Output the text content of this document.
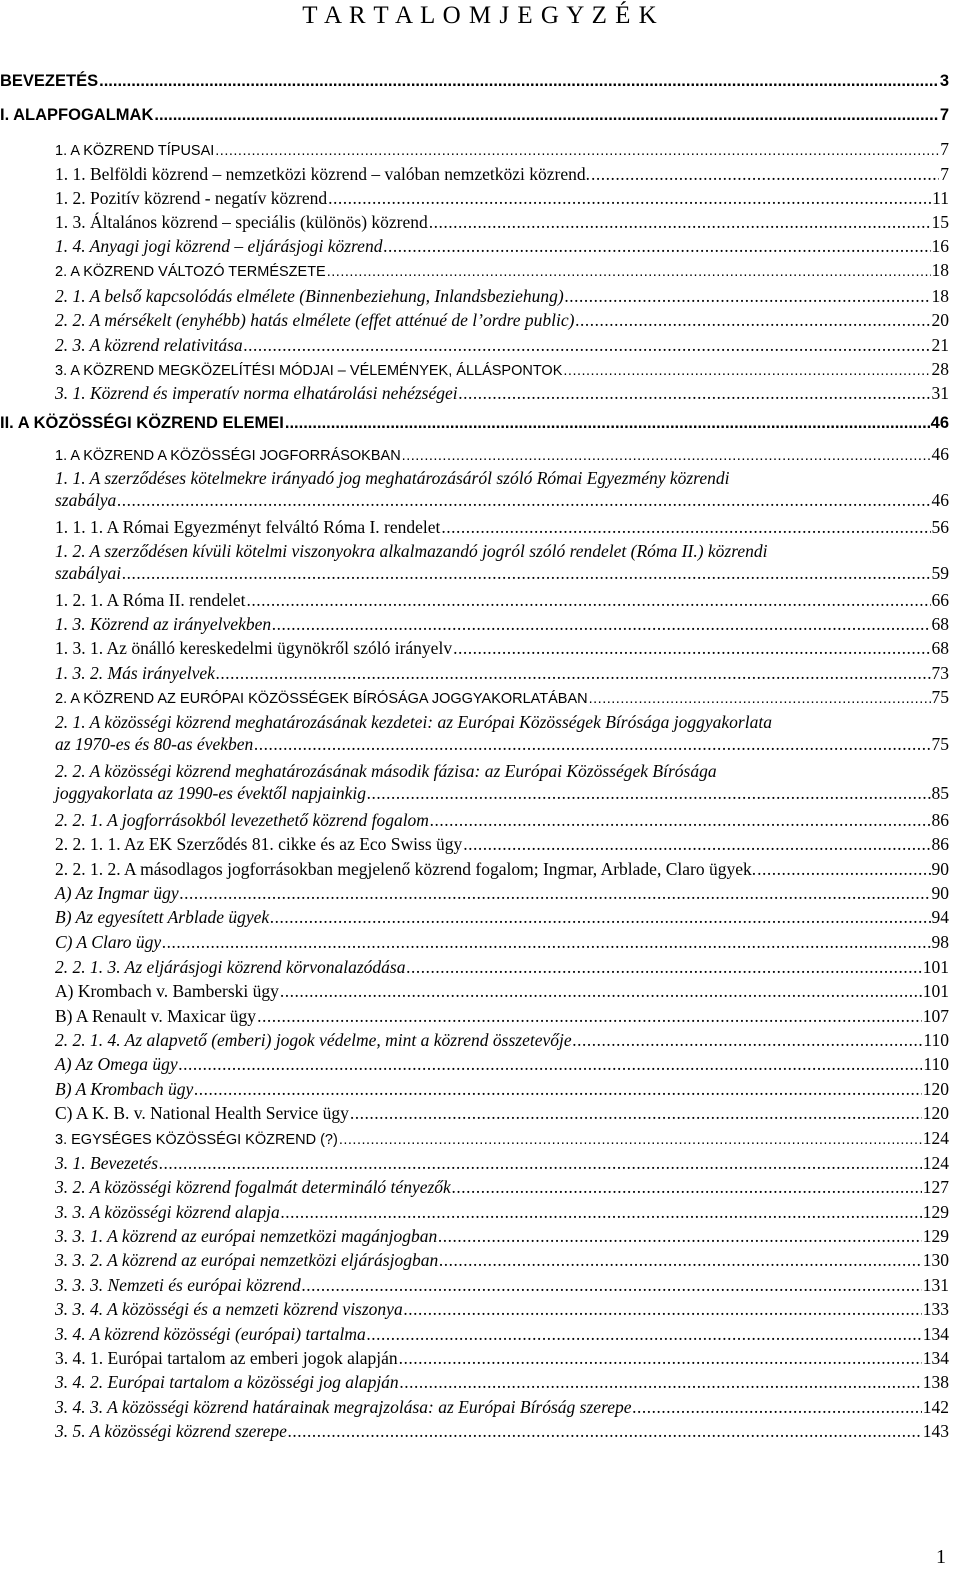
T A R T A L O M J E G Y Z É K
BEVEZETÉS .....	3
I. ALAPFOGALMAK .....	7
1. A KÖZREND TÍPUSAI .....	7
1. 1. Belföldi közrend – nemzetközi közrend – valóban nemzetközi közrend. .....	7
1. 2. Pozitív közrend - negatív közrend .....	11
1. 3. Általános közrend – speciális (különös) közrend .....	15
1. 4. Anyagi jogi közrend – eljárásjogi közrend .....	16
2. A KÖZREND VÁLTOZÓ TERMÉSZETE .....	18
2. 1. A belső kapcsolódás elmélete (Binnenbeziehung, Inlandsbeziehung) .....	18
2. 2. A mérsékelt (enyhébb) hatás elmélete (effet atténué de l’ordre public) .....	20
2. 3. A közrend relativitása .....	21
3. A KÖZREND MEGKÖZELÍTÉSI MÓDJAI – VÉLEMÉNYEK, ÁLLÁSPONTOK .....	28
3. 1. Közrend és imperatív norma elhatárolási nehézségei .....	31
II. A KÖZÖSSÉGI KÖZREND ELEMEI .....	46
1. A KÖZREND A KÖZÖSSÉGI JOGFORRÁSOKBAN .....	46
1. 1. A szerződéses kötelmekre irányadó jog meghatározásáról szóló Római Egyezmény közrendi
szabálya .....	46
1. 1. 1. A Római Egyezményt felváltó Róma I. rendelet .....	56
1. 2. A szerződésen kívüli kötelmi viszonyokra alkalmazandó jogról szóló rendelet (Róma II.) közrendi
szabályai .....	59
1. 2. 1. A Róma II. rendelet .....	66
1. 3. Közrend az irányelvekben .....	68
1. 3. 1. Az önálló kereskedelmi ügynökről szóló irányelv .....	68
1. 3. 2. Más irányelvek .....	73
2. A KÖZREND AZ EURÓPAI KÖZÖSSÉGEK BÍRÓSÁGA JOGGYAKORLATÁBAN .....	75
2. 1. A közösségi közrend meghatározásának kezdetei: az Európai Közösségek Bírósága joggyakorlata
az 1970-es és 80-as években .....	75
2. 2. A közösségi közrend meghatározásának második fázisa: az Európai Közösségek Bírósága
joggyakorlata az 1990-es évektől napjainkig .....	85
2. 2. 1. A jogforrásokból levezethető közrend fogalom .....	86
2. 2. 1. 1. Az EK Szerződés 81. cikke és az Eco Swiss ügy .....	86
2. 2. 1. 2. A másodlagos jogforrásokban megjelenő közrend fogalom; Ingmar, Arblade, Claro ügyek. .....	90
A) Az Ingmar ügy .....	90
B) Az egyesített Arblade ügyek .....	94
C) A Claro ügy .....	98
2. 2. 1. 3. Az eljárásjogi közrend körvonalazódása .....	101
A) Krombach v. Bamberski ügy .....	101
B) A Renault v. Maxicar ügy .....	107
2. 2. 1. 4. Az alapvető (emberi) jogok védelme, mint a közrend összetevője .....	110
A) Az Omega ügy .....	110
B) A Krombach ügy .....	120
C) A K. B. v. National Health Service ügy .....	120
3. EGYSÉGES KÖZÖSSÉGI KÖZREND (?) .....	124
3. 1. Bevezetés .....	124
3. 2. A közösségi közrend fogalmát determináló tényezők .....	127
3. 3. A közösségi közrend alapja .....	129
3. 3. 1. A közrend az európai nemzetközi magánjogban .....	129
3. 3. 2. A közrend az európai nemzetközi eljárásjogban .....	130
3. 3. 3. Nemzeti és európai közrend .....	131
3. 3. 4. A közösségi és a nemzeti közrend viszonya .....	133
3. 4. A közrend közösségi (európai) tartalma .....	134
3. 4. 1. Európai tartalom az emberi jogok alapján .....	134
3. 4. 2. Európai tartalom a közösségi jog alapján .....	138
3. 4. 3. A közösségi közrend határainak megrajzolása: az Európai Bíróság szerepe .....	142
3. 5. A közösségi közrend szerepe .....	143
1
